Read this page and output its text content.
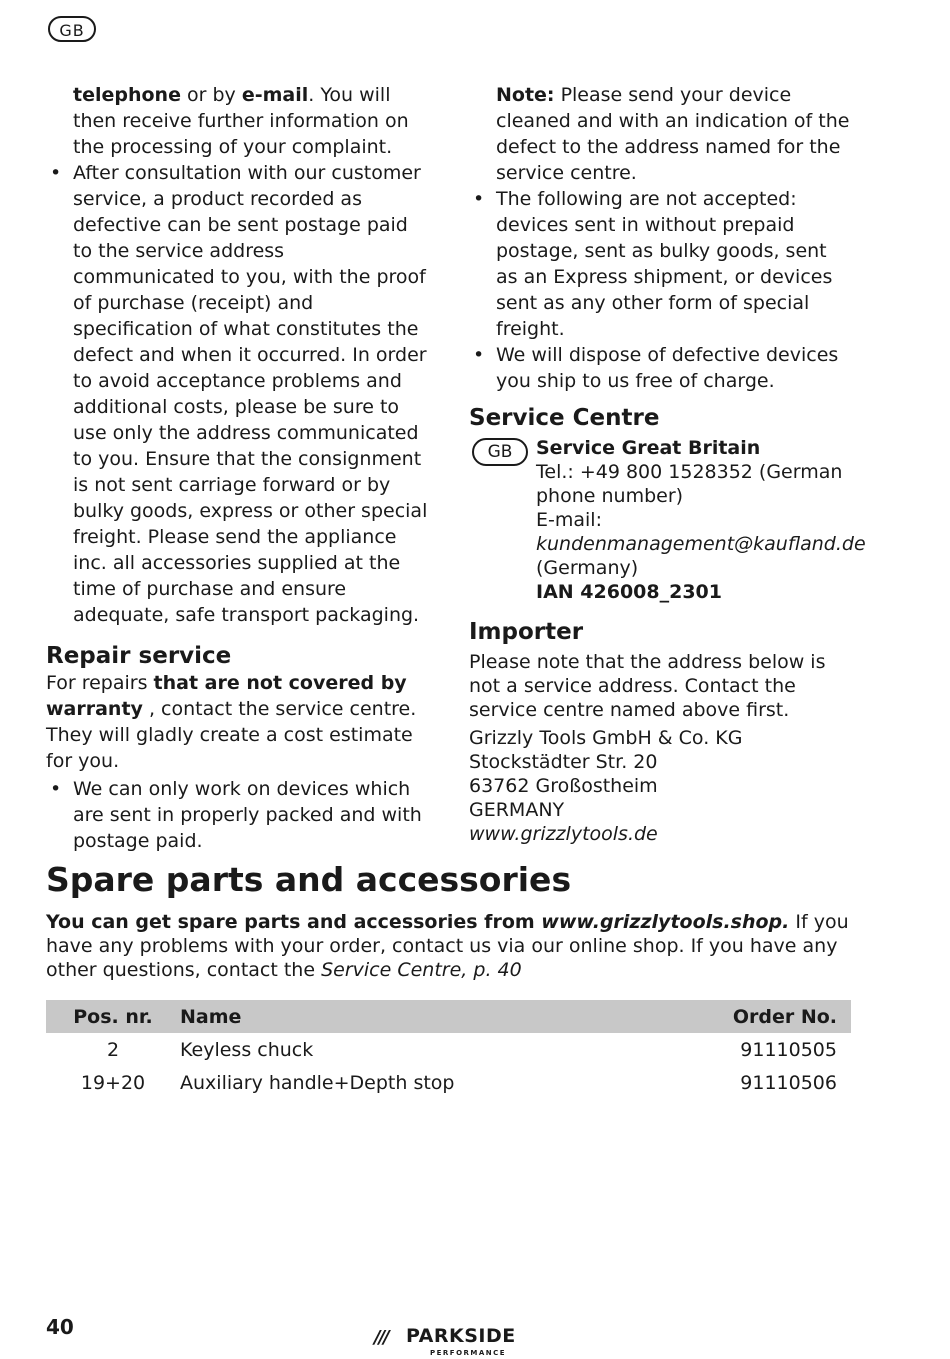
GB

telephone or by e-mail. You will then receive further information on the processing of your complaint.

• After consultation with our customer service, a product recorded as defective can be sent postage paid to the service address communicated to you, with the proof of purchase (receipt) and specification of what constitutes the defect and when it occurred. In order to avoid acceptance problems and additional costs, please be sure to use only the address communicated to you. Ensure that the consignment is not sent carriage forward or by bulky goods, express or other special freight. Please send the appliance inc. all accessories supplied at the time of purchase and ensure adequate, safe transport packaging.

Repair service

For repairs that are not covered by warranty , contact the service centre. They will gladly create a cost estimate for you.

• We can only work on devices which are sent in properly packed and with postage paid.

Note: Please send your device cleaned and with an indication of the defect to the address named for the service centre.

• The following are not accepted: devices sent in without prepaid postage, sent as bulky goods, sent as an Express shipment, or devices sent as any other form of special freight.

• We will dispose of defective devices you ship to us free of charge.

Service Centre
GB	Service Great Britain

Tel.: +49 800 1528352 (German phone number)

E-mail:

kundenmanagement@kaufland.de

(Germany)

IAN 426008_2301

Importer

Please note that the address below is not a service address. Contact the service centre named above first.

Grizzly Tools GmbH & Co. KG

Stockstädter Str. 20

63762 Großostheim

GERMANY

www.grizzlytools.de

Spare parts and accessories

You can get spare parts and accessories from www.grizzlytools.shop. If you have any problems with your order, contact us via our online shop. If you have any other questions, contact the Service Centre, p. 40

Pos. nr.	Name	Order No.
2	Keyless chuck	91110505
19+20	Auxiliary handle+Depth stop	91110506
40	/// PARKSIDE
PERFORMANCE
